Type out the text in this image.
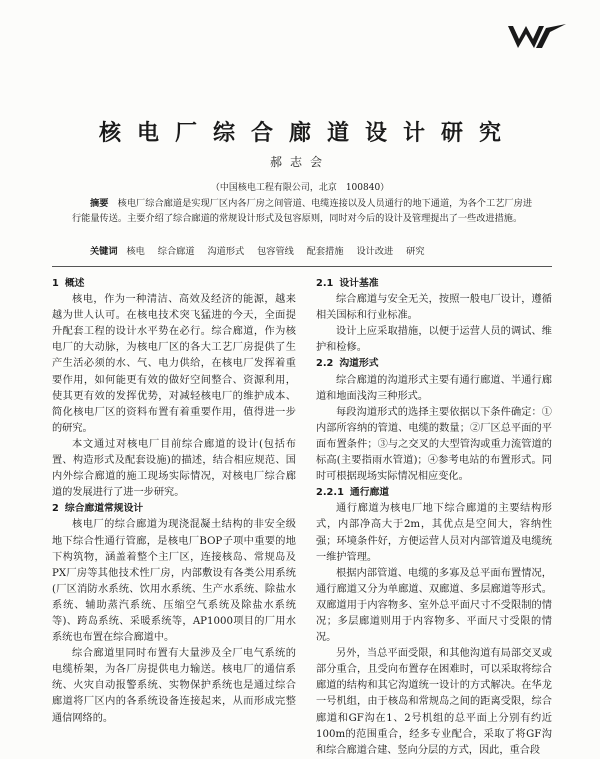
核电厂综合廊道设计研究
郝志会
（中国核电工程有限公司，北京　100840）

摘要　 核电厂综合廊道是实现厂区内各厂房之间管道、电缆连接以及人员通行的地下通道，为各个工艺厂房进行能量传送。主要介绍了综合廊道的常规设计形式及包容原则，同时对今后的设计及管理提出了一些改进措施。

关键词 核电 综合廊道 沟道形式 包容管线 配套措施 设计改进 研究

1 概述

核电，作为一种清洁、高效及经济的能源，越来越为世人认可。在核电技术突飞猛进的今天，全面提升配套工程的设计水平势在必行。综合廊道，作为核电厂的大动脉，为核电厂区的各大工艺厂房提供了生产生活必须的水、气、电力供给，在核电厂发挥着重要作用，如何能更有效的做好空间整合、资源利用，使其更有效的发挥优势，对减轻核电厂的维护成本、简化核电厂区的资料布置有着重要作用，值得进一步的研究。

本文通过对核电厂目前综合廊道的设计(包括布置、构造形式及配套设施)的描述，结合相应规范、国内外综合廊道的施工现场实际情况，对核电厂综合廊道的发展进行了进一步研究。

2 综合廊道常规设计

核电厂的综合廊道为现浇混凝土结构的非安全级地下综合性通行管廊，是核电厂BOP子项中重要的地下构筑物，涵盖着整个主厂区，连接核岛、常规岛及PX厂房等其他技术性厂房，内部敷设有各类公用系统(厂区消防水系统、饮用水系统、生产水系统、除盐水系统、辅助蒸汽系统、压缩空气系统及除盐水系统等)、跨岛系统、采暖系统等，AP1000项目的厂用水系统也布置在综合廊道中。

综合廊道里同时布置有大量涉及全厂电气系统的电缆桥架，为各厂房提供电力输送。核电厂的通信系统、火灾自动报警系统、实物保护系统也是通过综合廊道将厂区内的各系统设备连接起来，从而形成完整通信网络的。

2.1 设计基准

综合廊道与安全无关，按照一般电厂设计，遵循相关国标和行业标准。

设计上应采取措施，以便于运营人员的调试、维护和检修。

2.2 沟道形式

综合廊道的沟道形式主要有通行廊道、半通行廊道和地面浅沟三种形式。

每段沟道形式的选择主要依据以下条件确定：①内部所容纳的管道、电缆的数量；②厂区总平面的平面布置条件；③与之交叉的大型管沟或重力流管道的标高(主要指雨水管道)；④参考电站的布置形式。同时可根据现场实际情况相应变化。

2.2.1 通行廊道

通行廊道为核电厂地下综合廊道的主要结构形式，内部净高大于2m，其优点是空间大，容纳性强；环境条件好，方便运营人员对内部管道及电缆统一维护管理。

根据内部管道、电缆的多寡及总平面布置情况，通行廊道又分为单廊道、双廊道、多层廊道等形式。双廊道用于内容物多、室外总平面尺寸不受限制的情况；多层廊道则用于内容物多、平面尺寸受限的情况。

另外，当总平面受限，和其他沟道有局部交叉或部分重合，且受向布置存在困难时，可以采取将综合廊道的结构和其它沟道统一设计的方式解决。在华龙一号机组，由于核岛和常规岛之间的距离受限，综合廊道和GF沟在1、2号机组的总平面上分别有约近100m的范围重合，经多专业配合，采取了将GF沟和综合廊道合建、竖向分层的方式，因此，重合段
